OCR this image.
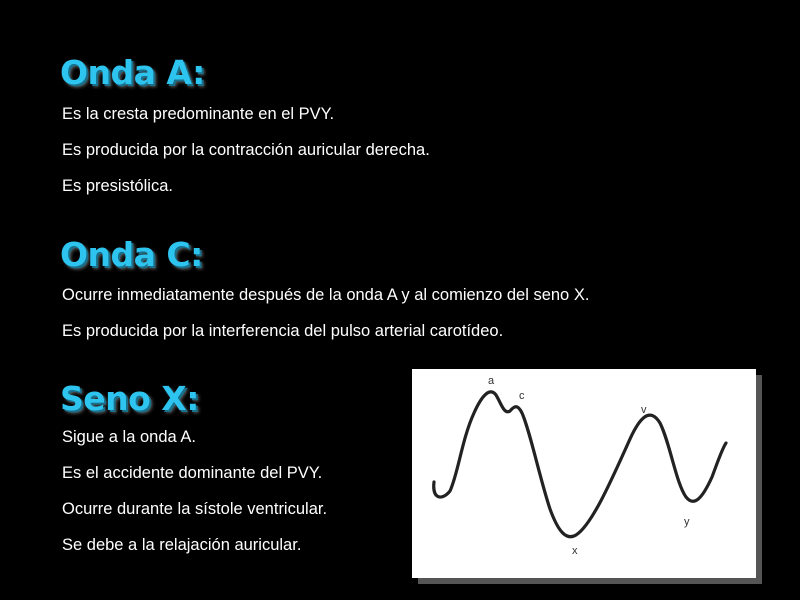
Onda A:
Es la cresta predominante en el PVY.
Es producida por la contracción auricular derecha.
Es presistólica.
Onda C:
Ocurre inmediatamente después de la onda A y al comienzo del seno X.
Es producida por la interferencia del pulso arterial carotídeo.
Seno X:
Sigue a la onda A.
Es el accidente dominante del PVY.
Ocurre durante la sístole ventricular.
Se debe a la relajación auricular.
a
c
v
x
y
